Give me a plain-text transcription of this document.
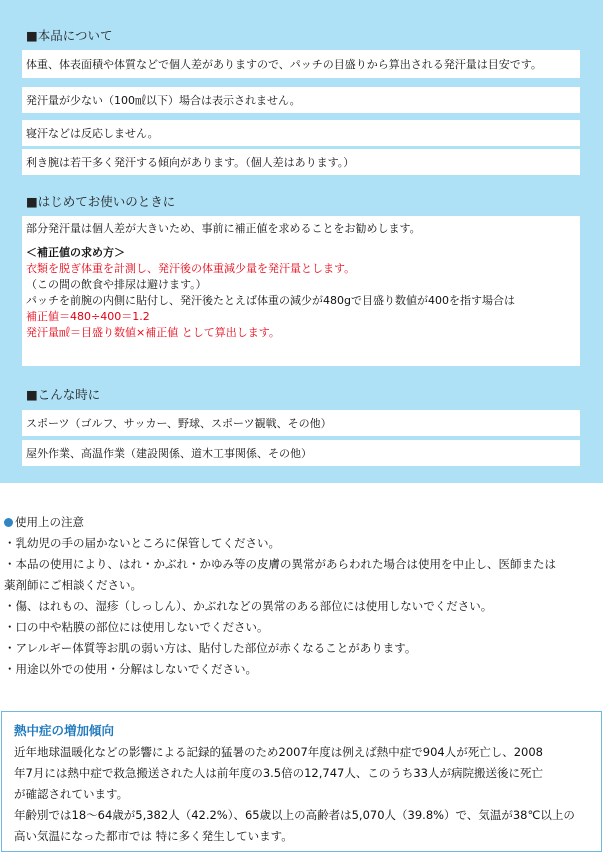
■本品について
体重、体表面積や体質などで個人差がありますので、パッチの目盛りから算出される発汗量は目安です。
発汗量が少ない（100㎖以下）場合は表示されません。
寝汗などは反応しません。
利き腕は若干多く発汗する傾向があります。（個人差はあります。）
■はじめてお使いのときに
部分発汗量は個人差が大きいため、事前に補正値を求めることをお勧めします。
＜補正値の求め方＞
衣類を脱ぎ体重を計測し、発汗後の体重減少量を発汗量とします。
（この間の飲食や排尿は避けます。）
パッチを前腕の内側に貼付し、発汗後たとえば体重の減少が480gで目盛り数値が400を指す場合は
補正値＝480÷400＝1.2
発汗量㎖＝目盛り数値×補正値 として算出します。
■こんな時に
スポーツ（ゴルフ、サッカー、野球、スポーツ観戦、その他）
屋外作業、高温作業（建設関係、道木工事関係、その他）
使用上の注意
・乳幼児の手の届かないところに保管してください。
・本品の使用により、はれ・かぶれ・かゆみ等の皮膚の異常があらわれた場合は使用を中止し、医師または
薬剤師にご相談ください。
・傷、はれもの、湿疹（しっしん）、かぶれなどの異常のある部位には使用しないでください。
・口の中や粘膜の部位には使用しないでください。
・アレルギー体質等お肌の弱い方は、貼付した部位が赤くなることがあります。
・用途以外での使用・分解はしないでください。
熱中症の増加傾向
近年地球温暖化などの影響による記録的猛暑のため2007年度は例えば熱中症で904人が死亡し、2008
年7月には熱中症で救急搬送された人は前年度の3.5倍の12,747人、このうち33人が病院搬送後に死亡
が確認されています。
年齢別では18～64歳が5,382人（42.2%）、65歳以上の高齢者は5,070人（39.8%）で、気温が38℃以上の
高い気温になった都市では 特に多く発生しています。
